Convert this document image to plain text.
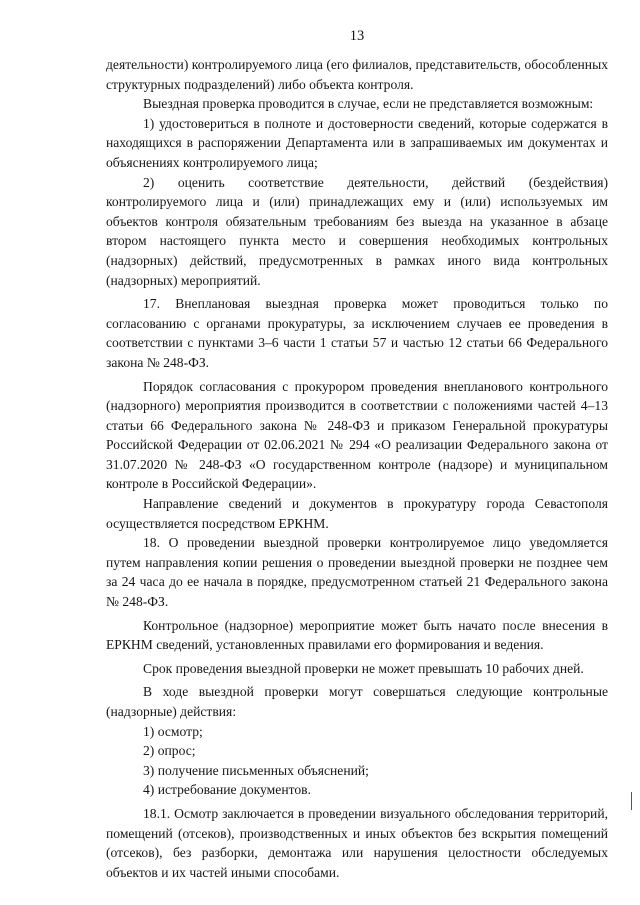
13

деятельности) контролируемого лица (его филиалов, представительств, обособленных структурных подразделений) либо объекта контроля.

Выездная проверка проводится в случае, если не представляется возможным:

1) удостовериться в полноте и достоверности сведений, которые содержатся в находящихся в распоряжении Департамента или в запрашиваемых им документах и объяснениях контролируемого лица;

2) оценить соответствие деятельности, действий (бездействия) контролируемого лица и (или) принадлежащих ему и (или) используемых им объектов контроля обязательным требованиям без выезда на указанное в абзаце втором настоящего пункта место и совершения необходимых контрольных (надзорных) действий, предусмотренных в рамках иного вида контрольных (надзорных) мероприятий.

17. Внеплановая выездная проверка может проводиться только по согласованию с органами прокуратуры, за исключением случаев ее проведения в соответствии с пунктами 3–6 части 1 статьи 57 и частью 12 статьи 66 Федерального закона № 248-ФЗ.

Порядок согласования с прокурором проведения внепланового контрольного (надзорного) мероприятия производится в соответствии с положениями частей 4–13 статьи 66 Федерального закона № 248-ФЗ и приказом Генеральной прокуратуры Российской Федерации от 02.06.2021 № 294 «О реализации Федерального закона от 31.07.2020 № 248-ФЗ «О государственном контроле (надзоре) и муниципальном контроле в Российской Федерации».

Направление сведений и документов в прокуратуру города Севастополя осуществляется посредством ЕРКНМ.

18. О проведении выездной проверки контролируемое лицо уведомляется путем направления копии решения о проведении выездной проверки не позднее чем за 24 часа до ее начала в порядке, предусмотренном статьей 21 Федерального закона № 248-ФЗ.

Контрольное (надзорное) мероприятие может быть начато после внесения в ЕРКНМ сведений, установленных правилами его формирования и ведения.

Срок проведения выездной проверки не может превышать 10 рабочих дней.

В ходе выездной проверки могут совершаться следующие контрольные (надзорные) действия:

1) осмотр;

2) опрос;

3) получение письменных объяснений;

4) истребование документов.

18.1. Осмотр заключается в проведении визуального обследования территорий, помещений (отсеков), производственных и иных объектов без вскрытия помещений (отсеков), без разборки, демонтажа или нарушения целостности обследуемых объектов и их частей иными способами.
